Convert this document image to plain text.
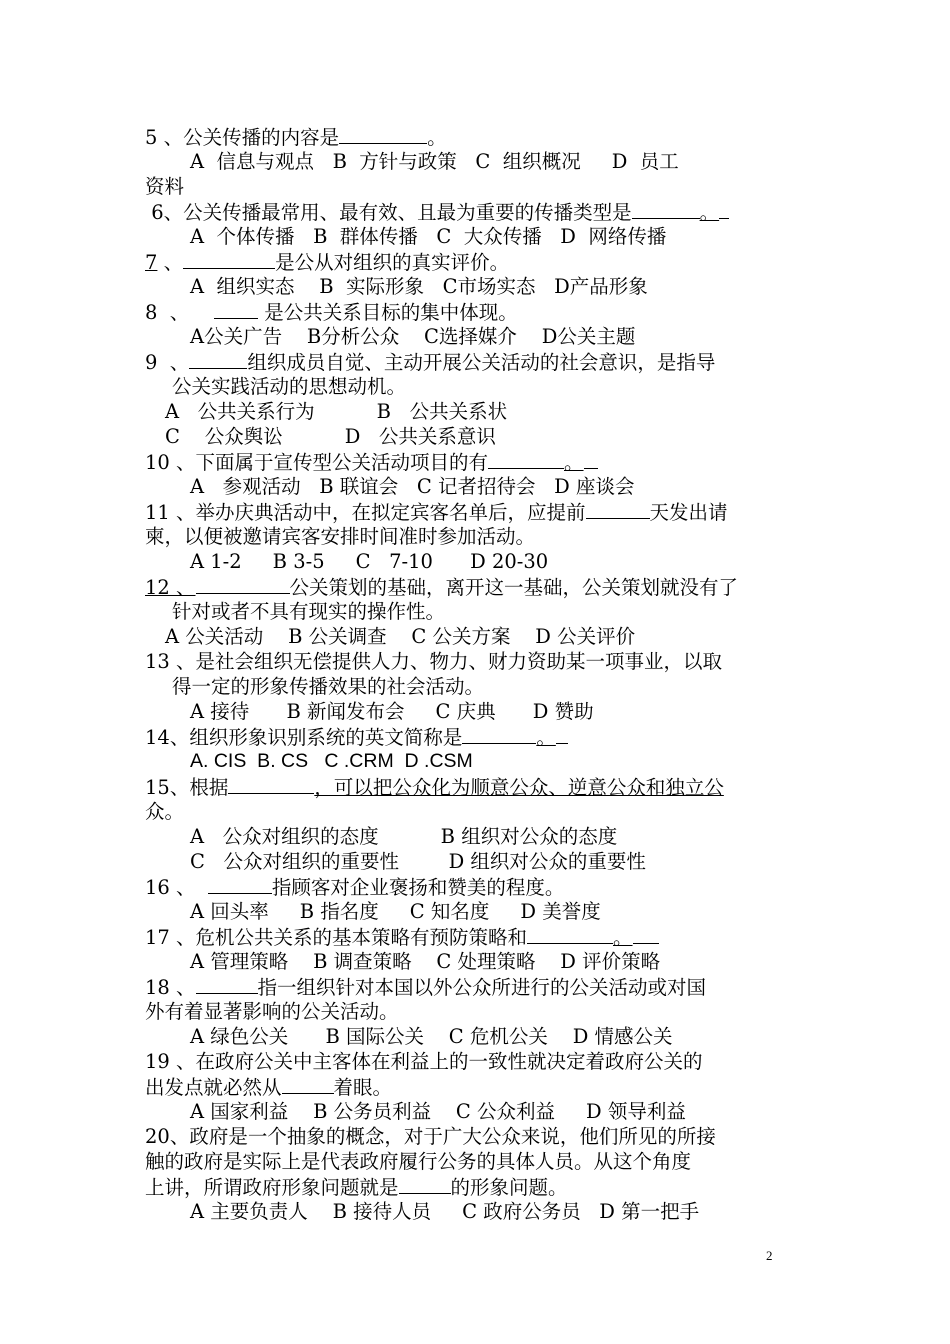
5 、公关传播的内容是	。
A  信息与观点   B  方针与政策   C  组织概况     D  员工
资料
6、公关传播最常用、最有效、且最为重要的传播类型是	。
A  个体传播   B  群体传播   C  大众传播   D  网络传播
7 、	是公从对组织的真实评价。
A  组织实态    B  实际形象   C市场实态   D产品形象
8  、     是公共关系目标的集中体现。
A公关广告    B分析公众    C选择媒介    D公关主题
9  、	组织成员自觉、主动开展公关活动的社会意识，是指导
公关实践活动的思想动机。
A   公共关系行为          B   公共关系状
C    公众舆讼          D   公共关系意识
10 、下面属于宣传型公关活动项目的有	。
A   参观活动   B 联谊会   C 记者招待会   D 座谈会
11 、举办庆典活动中，在拟定宾客名单后，应提前	天发出请
柬，以便被邀请宾客安排时间准时参加活动。
A 1-2     B 3-5     C   7-10      D 20-30
12 、	公关策划的基础，离开这一基础，公关策划就没有了
针对或者不具有现实的操作性。
A 公关活动    B 公关调查    C 公关方案    D 公关评价
13 、是社会组织无偿提供人力、物力、财力资助某一项事业，以取
得一定的形象传播效果的社会活动。
A 接待      B 新闻发布会     C 庆典      D 赞助
14、组织形象识别系统的英文简称是	。
A. CIS  B. CS   C .CRM  D .CSM
15、根据	，可以把公众化为顺意公众、逆意公众和独立公
众。
A   公众对组织的态度          B 组织对公众的态度
C   公众对组织的重要性        D 组织对公众的重要性
16 、	指顾客对企业褒扬和赞美的程度。
A 回头率     B 指名度     C 知名度     D 美誉度
17 、危机公共关系的基本策略有预防策略和	。
A 管理策略    B 调查策略    C 处理策略    D 评价策略
18 、	指一组织针对本国以外公众所进行的公关活动或对国
外有着显著影响的公关活动。
A 绿色公关      B 国际公关    C 危机公关    D 情感公关
19 、在政府公关中主客体在利益上的一致性就决定着政府公关的
出发点就必然从	着眼。
A 国家利益    B 公务员利益    C 公众利益     D 领导利益
20、政府是一个抽象的概念，对于广大公众来说，他们所见的所接
触的政府是实际上是代表政府履行公务的具体人员。从这个角度
上讲，所谓政府形象问题就是	的形象问题。
A 主要负责人    B 接待人员     C 政府公务员   D 第一把手
2
